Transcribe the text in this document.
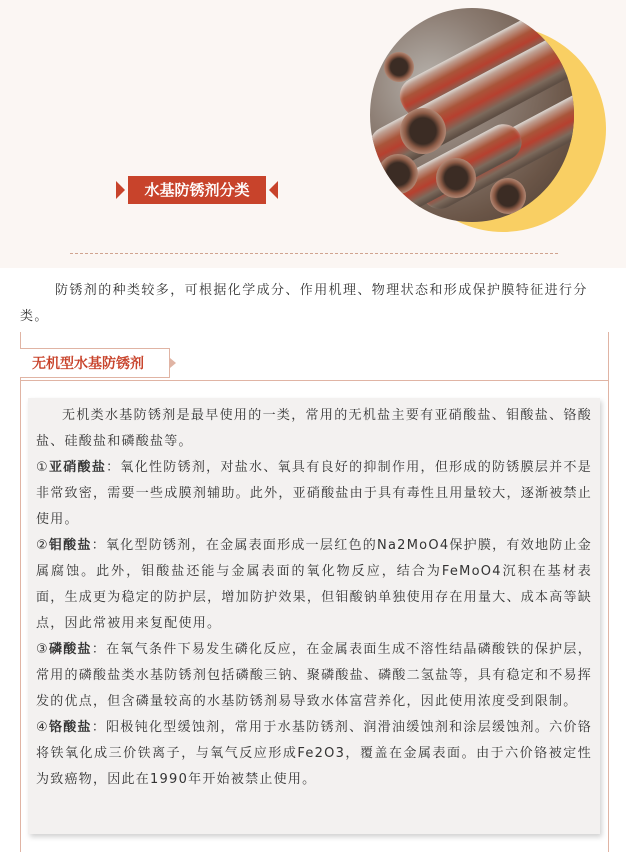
水基防锈剂分类
防锈剂的种类较多，可根据化学成分、作用机理、物理状态和形成保护膜特征进行分类。
无机型水基防锈剂

无机类水基防锈剂是最早使用的一类，常用的无机盐主要有亚硝酸盐、钼酸盐、铬酸盐、硅酸盐和磷酸盐等。

①亚硝酸盐：氧化性防锈剂，对盐水、氧具有良好的抑制作用，但形成的防锈膜层并不是非常致密，需要一些成膜剂辅助。此外，亚硝酸盐由于具有毒性且用量较大，逐渐被禁止使用。

②钼酸盐：氧化型防锈剂，在金属表面形成一层红色的Na2MoO4保护膜，有效地防止金属腐蚀。此外，钼酸盐还能与金属表面的氧化物反应，结合为FeMoO4沉积在基材表面，生成更为稳定的防护层，增加防护效果，但钼酸钠单独使用存在用量大、成本高等缺点，因此常被用来复配使用。

③磷酸盐：在氧气条件下易发生磷化反应，在金属表面生成不溶性结晶磷酸铁的保护层，常用的磷酸盐类水基防锈剂包括磷酸三钠、聚磷酸盐、磷酸二氢盐等，具有稳定和不易挥发的优点，但含磷量较高的水基防锈剂易导致水体富营养化，因此使用浓度受到限制。

④铬酸盐：阳极钝化型缓蚀剂，常用于水基防锈剂、润滑油缓蚀剂和涂层缓蚀剂。六价铬将铁氧化成三价铁离子，与氧气反应形成Fe2O3，覆盖在金属表面。由于六价铬被定性为致癌物，因此在1990年开始被禁止使用。
